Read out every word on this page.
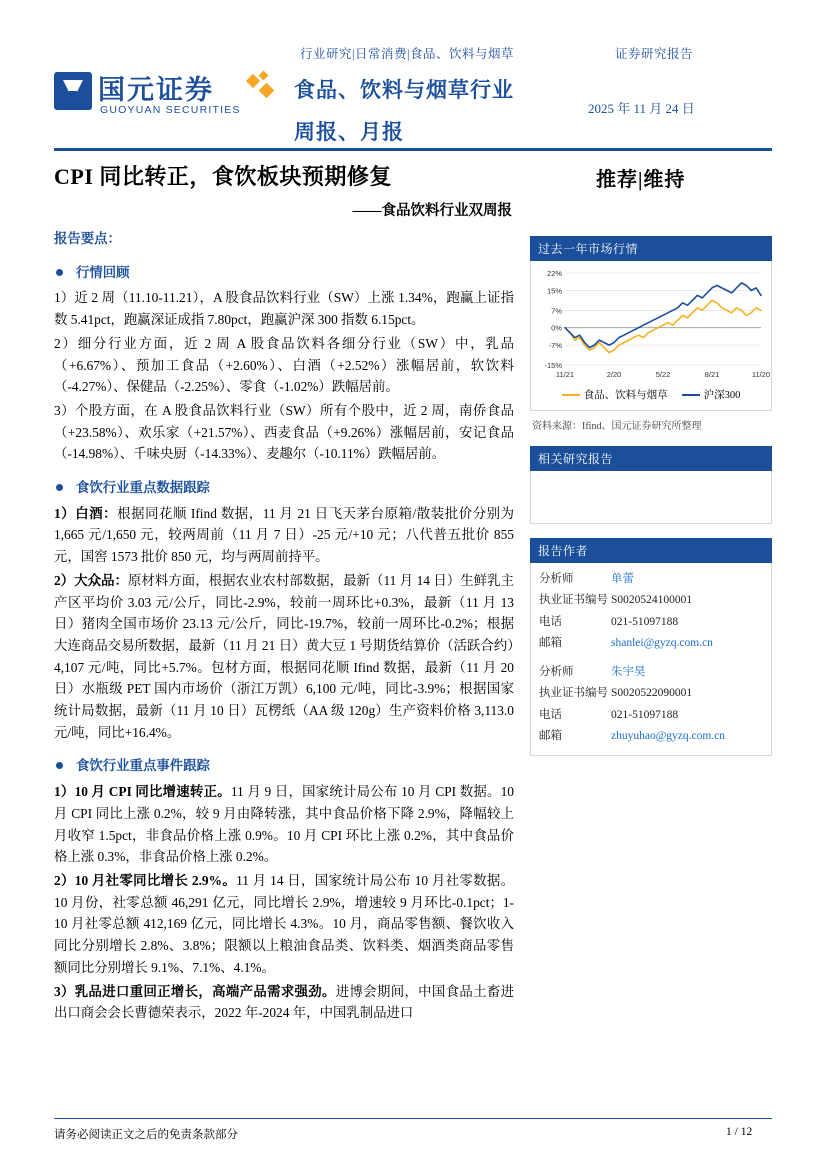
行业研究|日常消费|食品、饮料与烟草	证券研究报告
国元证券
GUOYUAN SECURITIES
食品、饮料与烟草行业
周报、月报
2025 年 11 月 24 日
CPI 同比转正，食饮板块预期修复	推荐|维持
——食品饮料行业双周报
报告要点：
行情回顾
1）近 2 周（11.10-11.21），A 股食品饮料行业（SW）上涨 1.34%，跑赢上证指数 5.41pct，跑赢深证成指 7.80pct，跑赢沪深 300 指数 6.15pct。
2）细分行业方面，近 2 周 A 股食品饮料各细分行业（SW）中，乳品（+6.67%）、预加工食品（+2.60%）、白酒（+2.52%）涨幅居前，软饮料（-4.27%）、保健品（-2.25%）、零食（-1.02%）跌幅居前。
3）个股方面，在 A 股食品饮料行业（SW）所有个股中，近 2 周，南侨食品（+23.58%）、欢乐家（+21.57%）、西麦食品（+9.26%）涨幅居前，安记食品（-14.98%）、千味央厨（-14.33%）、麦趣尔（-10.11%）跌幅居前。
食饮行业重点数据跟踪
1）白酒：根据同花顺 Ifind 数据，11 月 21 日飞天茅台原箱/散装批价分别为 1,665 元/1,650 元，较两周前（11 月 7 日）-25 元/+10 元；八代普五批价 855 元，国窖 1573 批价 850 元，均与两周前持平。
2）大众品：原材料方面，根据农业农村部数据，最新（11 月 14 日）生鲜乳主产区平均价 3.03 元/公斤，同比-2.9%，较前一周环比+0.3%，最新（11 月 13 日）猪肉全国市场价 23.13 元/公斤，同比-19.7%，较前一周环比-0.2%；根据大连商品交易所数据，最新（11 月 21 日）黄大豆 1 号期货结算价（活跃合约）4,107 元/吨，同比+5.7%。包材方面，根据同花顺 Ifind 数据，最新（11 月 20 日）水瓶级 PET 国内市场价（浙江万凯）6,100 元/吨，同比-3.9%；根据国家统计局数据，最新（11 月 10 日）瓦楞纸（AA 级 120g）生产资料价格 3,113.0 元/吨，同比+16.4%。
食饮行业重点事件跟踪
1）10 月 CPI 同比增速转正。11 月 9 日，国家统计局公布 10 月 CPI 数据。10 月 CPI 同比上涨 0.2%，较 9 月由降转涨，其中食品价格下降 2.9%，降幅较上月收窄 1.5pct，非食品价格上涨 0.9%。10 月 CPI 环比上涨 0.2%，其中食品价格上涨 0.3%，非食品价格上涨 0.2%。
2）10 月社零同比增长 2.9%。11 月 14 日，国家统计局公布 10 月社零数据。10 月份，社零总额 46,291 亿元，同比增长 2.9%，增速较 9 月环比-0.1pct；1-10 月社零总额 412,169 亿元，同比增长 4.3%。10 月，商品零售额、餐饮收入同比分别增长 2.8%、3.8%；限额以上粮油食品类、饮料类、烟酒类商品零售额同比分别增长 9.1%、7.1%、4.1%。
3）乳品进口重回正增长，高端产品需求强劲。进博会期间，中国食品土畜进出口商会会长曹德荣表示，2022 年-2024 年，中国乳制品进口
过去一年市场行情
22%
15%
7%
0%
-7%
-15%
11/21	2/20	5/22	8/21	11/20
食品、饮料与烟草	沪深300
资料来源：Ifind、国元证券研究所整理
相关研究报告
报告作者
分析师	单蕾
执业证书编号 S0020524100001
电话	021-51097188
邮箱	shanlei@gyzq.com.cn
分析师	朱宇昊
执业证书编号 S0020522090001
电话	021-51097188
邮箱	zhuyuhao@gyzq.com.cn
请务必阅读正文之后的免责条款部分	1 / 12
